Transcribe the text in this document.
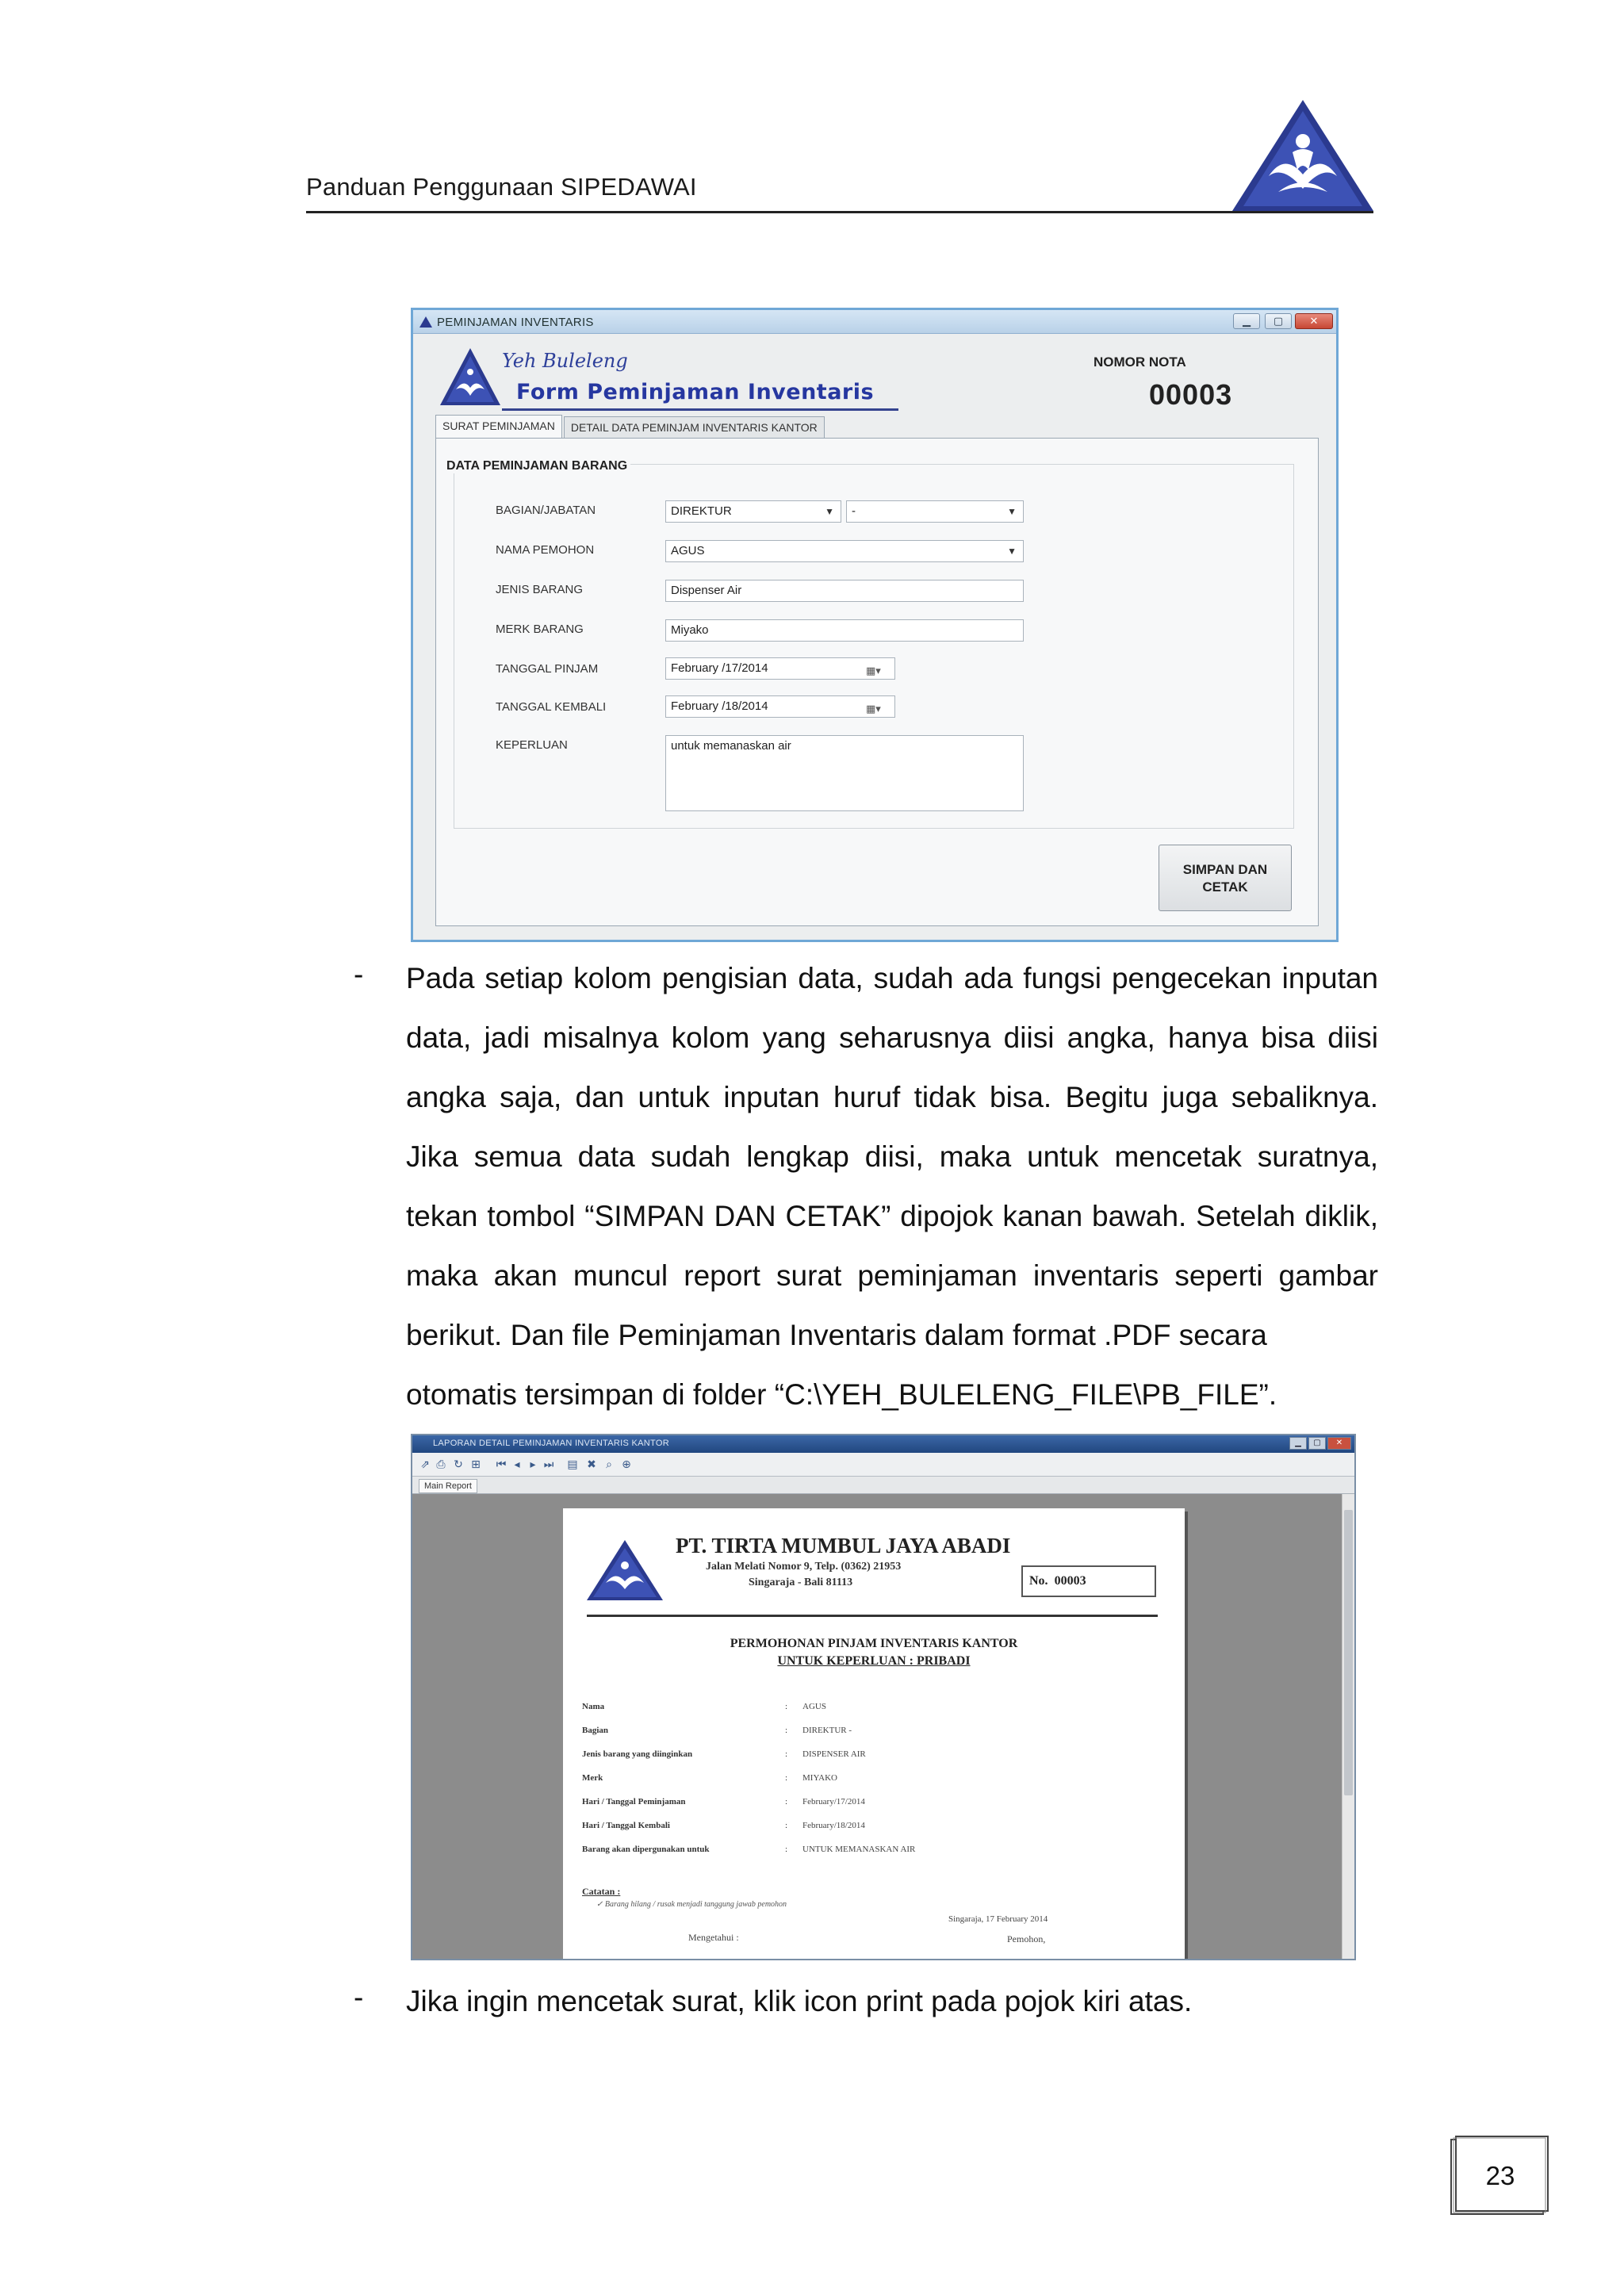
Panduan Penggunaan SIPEDAWAI
PEMINJAMAN INVENTARIS	▁	▢	✕
Yeh Buleleng
Form Peminjaman Inventaris
NOMOR NOTA
00003
SURAT PEMINJAMAN	DETAIL DATA PEMINJAM INVENTARIS KANTOR
DATA PEMINJAMAN BARANG
BAGIAN/JABATAN	DIREKTUR	▼	-	▼
NAMA PEMOHON	AGUS	▼
JENIS BARANG	Dispenser Air
MERK BARANG	Miyako
TANGGAL PINJAM	February /17/2014	▦▾
TANGGAL KEMBALI	February /18/2014	▦▾
KEPERLUAN	untuk memanaskan air
SIMPAN DAN
CETAK
- Pada setiap kolom pengisian data, sudah ada fungsi pengecekan inputan data, jadi misalnya kolom yang seharusnya diisi angka, hanya bisa diisi angka saja, dan untuk inputan huruf tidak bisa. Begitu juga sebaliknya. Jika semua data sudah lengkap diisi, maka untuk mencetak suratnya, tekan tombol “SIMPAN DAN CETAK” dipojok kanan bawah. Setelah diklik, maka akan muncul report surat peminjaman inventaris seperti gambar berikut. Dan file Peminjaman Inventaris dalam format .PDF secara
otomatis tersimpan di folder “C:\YEH_BULELENG_FILE\PB_FILE”.
LAPORAN DETAIL PEMINJAMAN INVENTARIS KANTOR	▁	▢	✕
⇗ ⎙ ↻ ⊞ ⏮ ◂ ▸ ⏭ ▤ ✖ ⌕ ⊕
Main Report
PT. TIRTA MUMBUL JAYA ABADI
Jalan Melati Nomor 9, Telp. (0362) 21953
Singaraja - Bali 81113	No. 00003
PERMOHONAN PINJAM INVENTARIS KANTOR
UNTUK KEPERLUAN : PRIBADI
Nama	: AGUS
Bagian	: DIREKTUR -
Jenis barang yang diinginkan	: DISPENSER AIR
Merk	: MIYAKO
Hari / Tanggal Peminjaman	: February/17/2014
Hari / Tanggal Kembali	: February/18/2014
Barang akan dipergunakan untuk	: UNTUK MEMANASKAN AIR
Catatan :
✓ Barang hilang / rusak menjadi tanggung jawab pemohon
Singaraja, 17 February 2014
Mengetahui :	Pemohon,
- Jika ingin mencetak surat, klik icon print pada pojok kiri atas.
23
